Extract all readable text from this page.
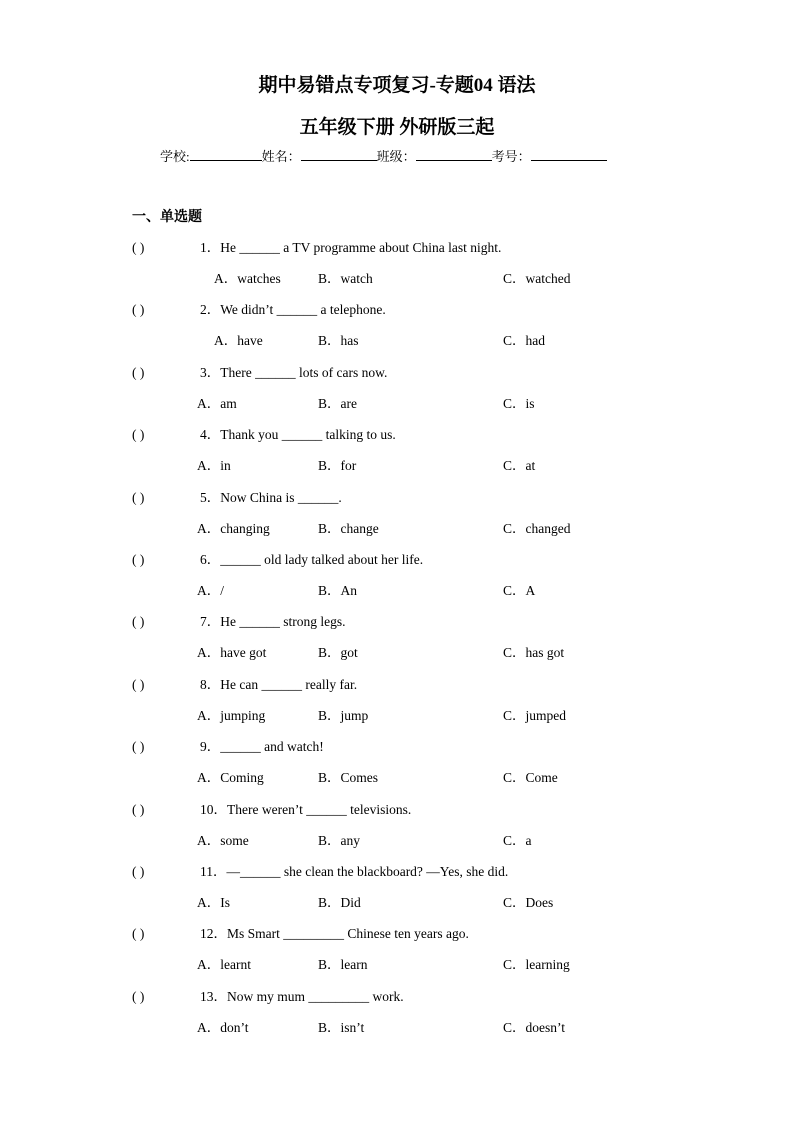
期中易错点专项复习-专题04 语法
五年级下册 外研版三起
学校:	姓名：	班级：	考号：
一、单选题
( )	1．He ______ a TV programme about China last night.
A．watches	B．watch	C．watched
( )	2．We didn’t ______ a telephone.
A．have	B．has	C．had
( )	3．There ______ lots of cars now.
A．am	B．are	C．is
( )	4．Thank you ______ talking to us.
A．in	B．for	C．at
( )	5．Now China is ______.
A．changing	B．change	C．changed
( )	6．______ old lady talked about her life.
A．/	B．An	C．A
( )	7．He ______ strong legs.
A．have got	B．got	C．has got
( )	8．He can ______ really far.
A．jumping	B．jump	C．jumped
( )	9．______ and watch!
A．Coming	B．Comes	C．Come
( )	10．There weren’t ______ televisions.
A．some	B．any	C．a
( )	11．—______ she clean the blackboard? —Yes, she did.
A．Is	B．Did	C．Does
( )	12．Ms Smart _________ Chinese ten years ago.
A．learnt	B．learn	C．learning
( )	13．Now my mum _________ work.
A．don’t	B．isn’t	C．doesn’t
